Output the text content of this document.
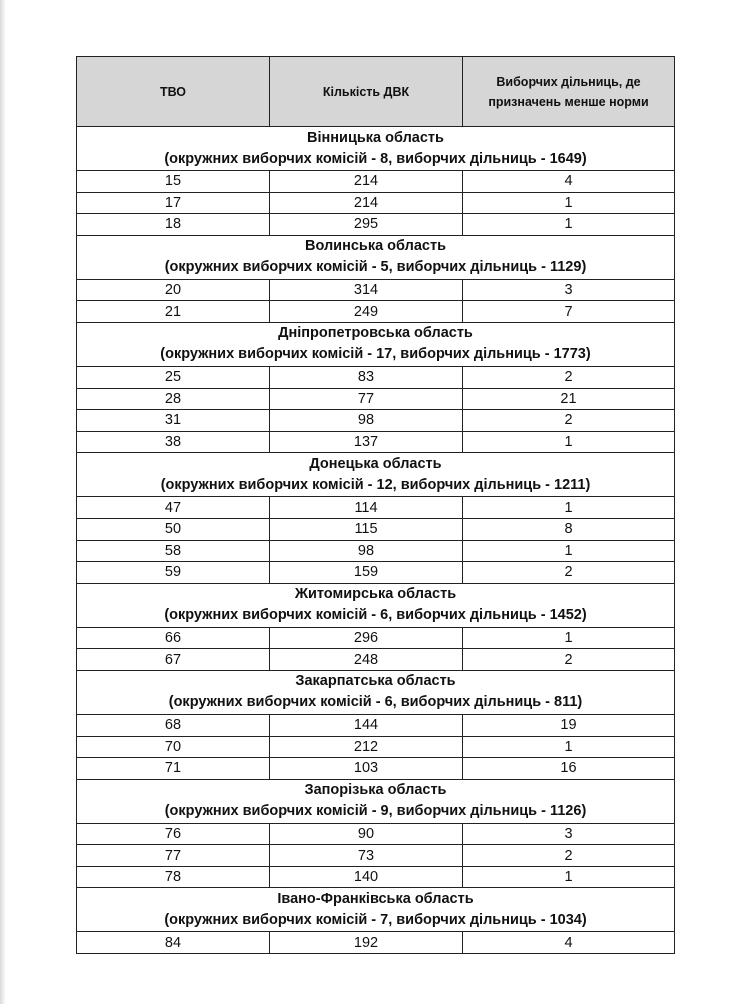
ТВО	Кількість ДВК	Виборчих дільниць, де
призначень менше норми

Вінницька область
(окружних виборчих комісій - 8, виборчих дільниць - 1649)		

15	214	4
17	214	1
18	295	1

Волинська область
(окружних виборчих комісій - 5, виборчих дільниць - 1129)		

20	314	3
21	249	7

Дніпропетровська область
(окружних виборчих комісій - 17, виборчих дільниць - 1773)		

25	83	2
28	77	21
31	98	2
38	137	1

Донецька область
(окружних виборчих комісій - 12, виборчих дільниць - 1211)		

47	114	1
50	115	8
58	98	1
59	159	2

Житомирська область
(окружних виборчих комісій - 6, виборчих дільниць - 1452)		

66	296	1
67	248	2

Закарпатська область
(окружних виборчих комісій - 6, виборчих дільниць - 811)		

68	144	19
70	212	1
71	103	16

Запорізька область
(окружних виборчих комісій - 9, виборчих дільниць - 1126)		

76	90	3
77	73	2
78	140	1

Івано-Франківська область
(окружних виборчих комісій - 7, виборчих дільниць - 1034)		

84	192	4
